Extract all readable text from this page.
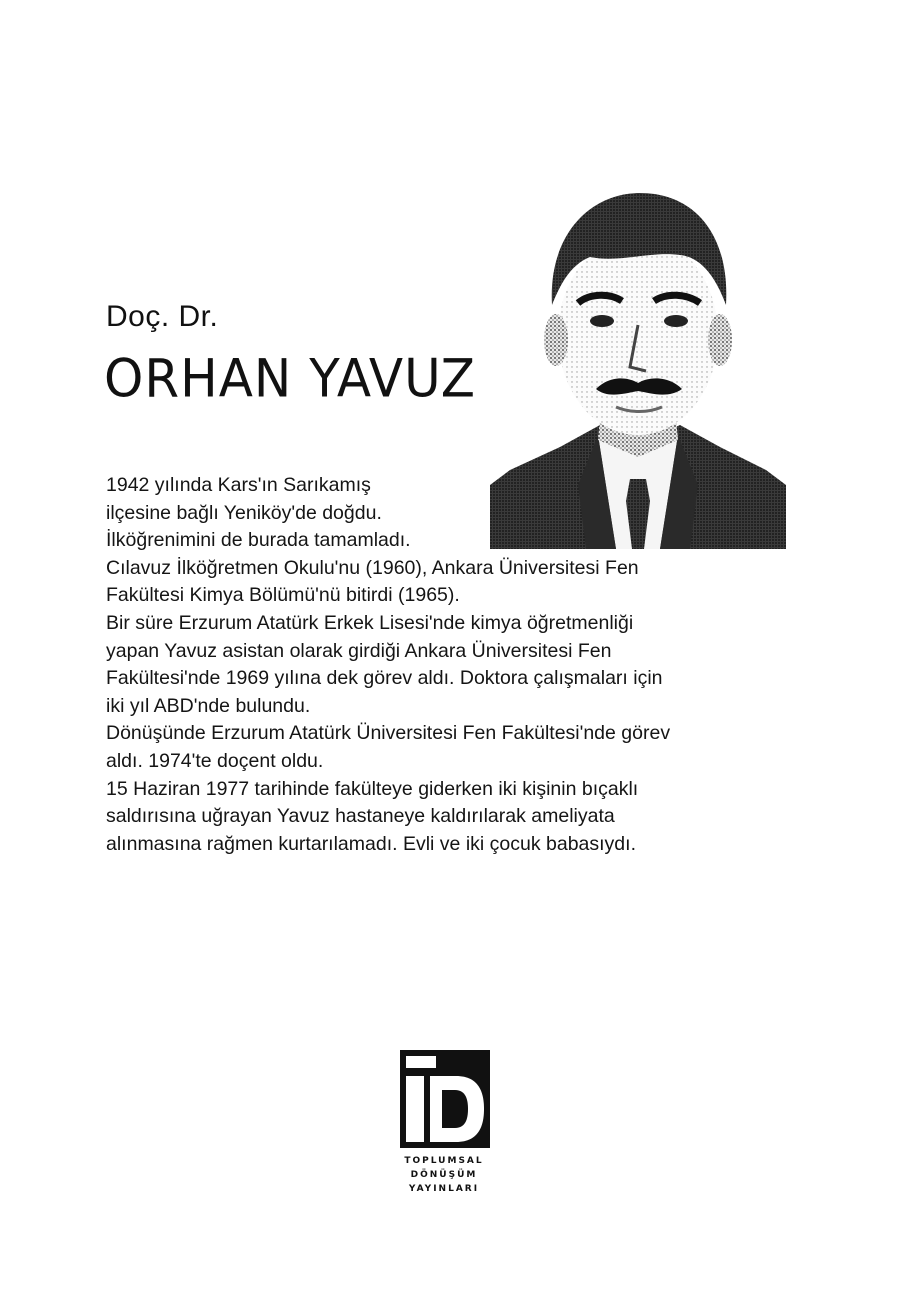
Doç. Dr.
ORHAN YAVUZ
1942 yılında Kars'ın Sarıkamış
ilçesine bağlı Yeniköy'de doğdu.
İlköğrenimini de burada tamamladı.
Cılavuz İlköğretmen Okulu'nu (1960), Ankara Üniversitesi Fen
Fakültesi Kimya Bölümü'nü bitirdi (1965).
Bir süre Erzurum Atatürk Erkek Lisesi'nde kimya öğretmenliği
yapan Yavuz asistan olarak girdiği Ankara Üniversitesi Fen
Fakültesi'nde 1969 yılına dek görev aldı. Doktora çalışmaları için
iki yıl ABD'nde bulundu.
Dönüşünde Erzurum Atatürk Üniversitesi Fen Fakültesi'nde görev
aldı. 1974'te doçent oldu.
15 Haziran 1977 tarihinde fakülteye giderken iki kişinin bıçaklı
saldırısına uğrayan Yavuz hastaneye kaldırılarak ameliyata
alınmasına rağmen kurtarılamadı. Evli ve iki çocuk babasıydı.
TOPLUMSAL
DÖNÜŞÜM
YAYINLARI
